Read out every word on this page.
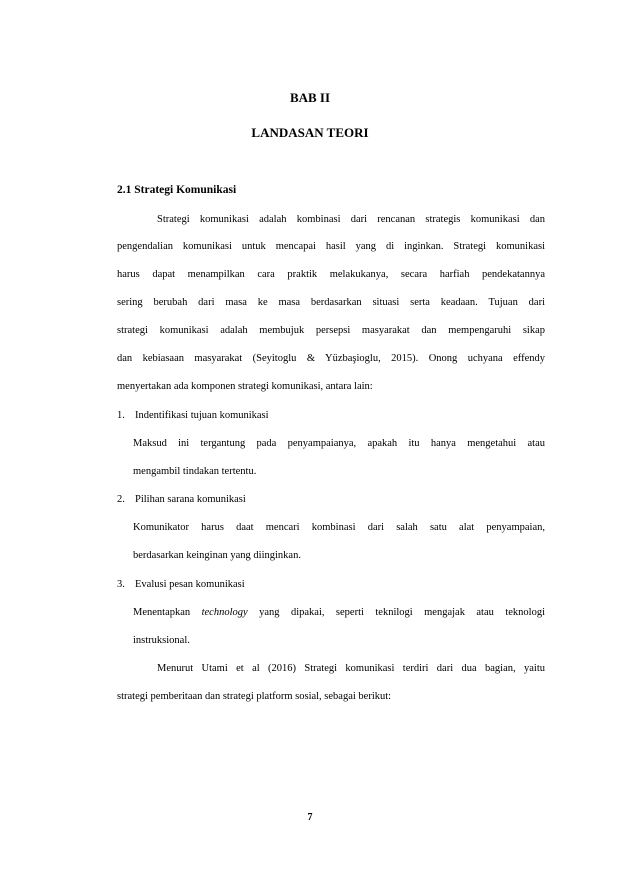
BAB II
LANDASAN TEORI
2.1 Strategi Komunikasi
Strategi komunikasi adalah kombinasi dari rencanan strategis komunikasi dan
pengendalian komunikasi untuk mencapai hasil yang di inginkan. Strategi komunikasi
harus dapat menampilkan cara praktik melakukanya, secara harfiah pendekatannya
sering berubah dari masa ke masa berdasarkan situasi serta keadaan. Tujuan dari
strategi komunikasi adalah membujuk persepsi masyarakat dan mempengaruhi sikap
dan kebiasaan masyarakat (Seyitoglu & Yüzbaşioglu, 2015). Onong uchyana effendy
menyertakan ada komponen strategi komunikasi, antara lain:
1. Indentifikasi tujuan komunikasi
Maksud ini tergantung pada penyampaianya, apakah itu hanya mengetahui atau
mengambil tindakan tertentu.
2. Pilihan sarana komunikasi
Komunikator harus daat mencari kombinasi dari salah satu alat penyampaian,
berdasarkan keinginan yang diinginkan.
3. Evalusi pesan komunikasi
Menentapkan technology yang dipakai, seperti teknilogi mengajak atau teknologi
instruksional.
Menurut Utami et al (2016) Strategi komunikasi terdiri dari dua bagian, yaitu
strategi pemberitaan dan strategi platform sosial, sebagai berikut:
7
